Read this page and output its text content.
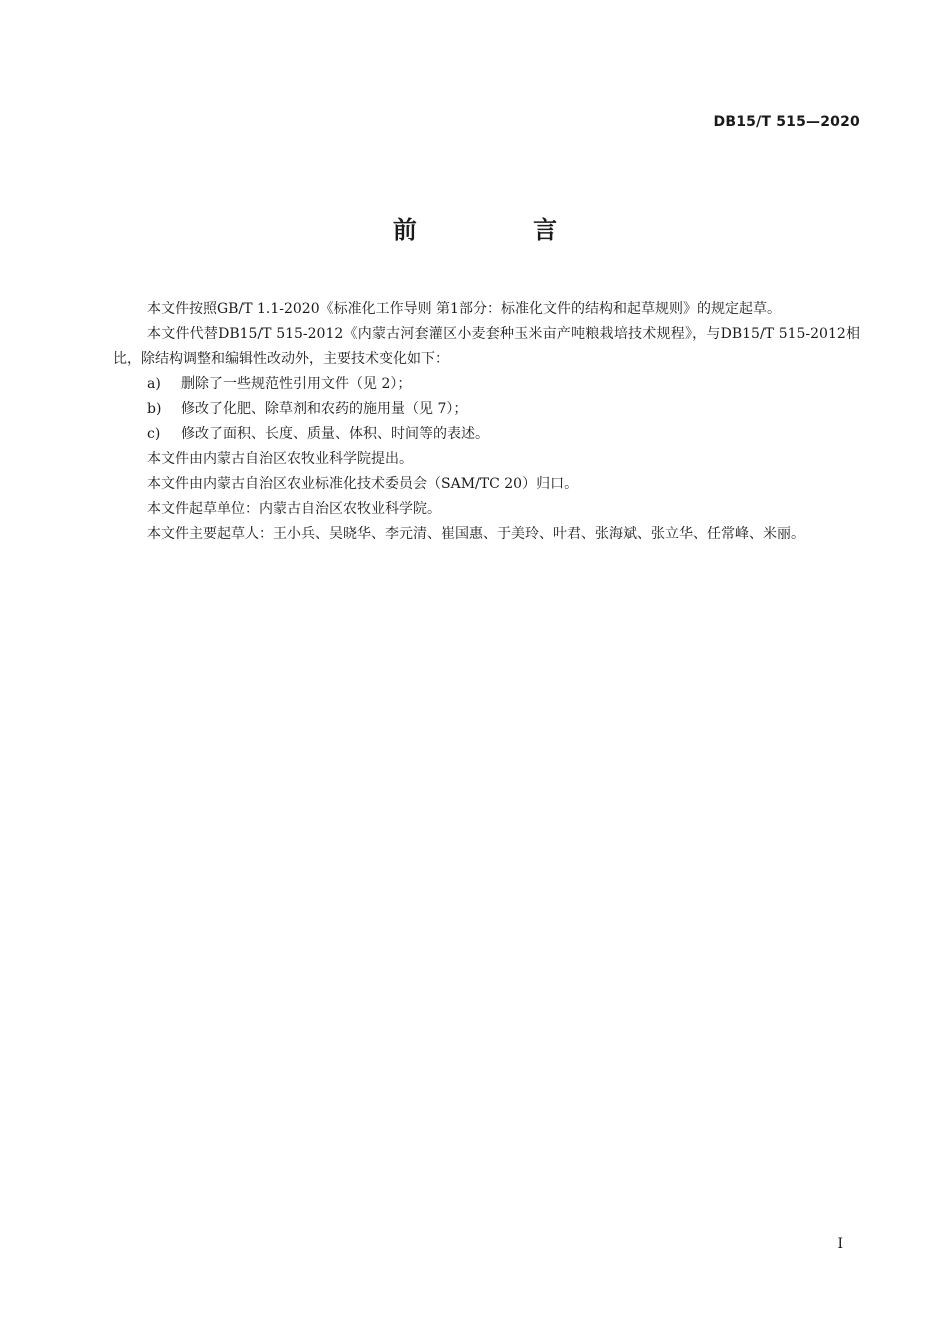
DB15/T 515—2020
前 言

本文件按照GB/T 1.1-2020《标准化工作导则 第1部分：标准化文件的结构和起草规则》的规定起草。

本文件代替DB15/T 515-2012《内蒙古河套灌区小麦套种玉米亩产吨粮栽培技术规程》，与DB15/T 515-2012相比，除结构调整和编辑性改动外，主要技术变化如下：

a) 删除了一些规范性引用文件（见 2）；

b) 修改了化肥、除草剂和农药的施用量（见 7）；

c) 修改了面积、长度、质量、体积、时间等的表述。

本文件由内蒙古自治区农牧业科学院提出。

本文件由内蒙古自治区农业标准化技术委员会（SAM/TC 20）归口。

本文件起草单位：内蒙古自治区农牧业科学院。

本文件主要起草人：王小兵、吴晓华、李元清、崔国惠、于美玲、叶君、张海斌、张立华、任常峰、米丽。

I
